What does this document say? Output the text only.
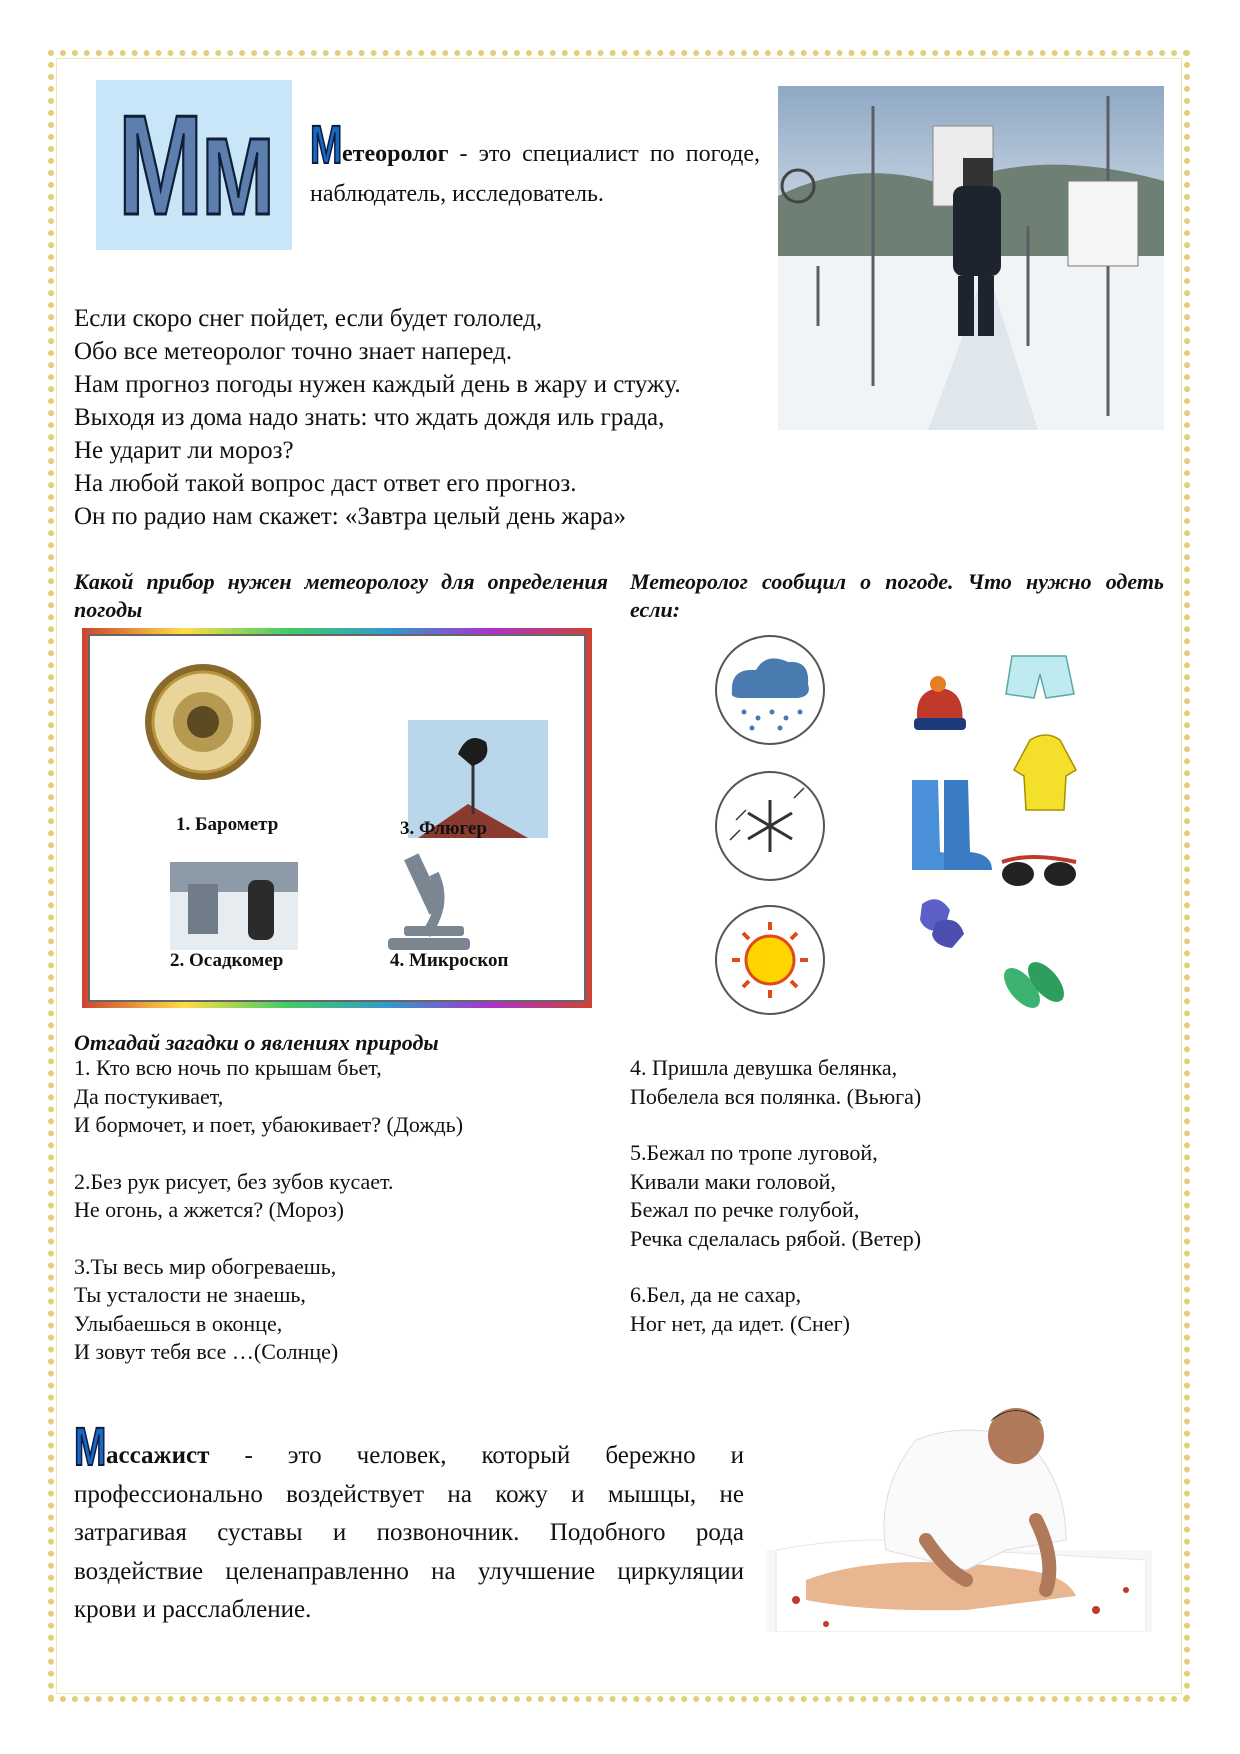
Мм Метеоролог - это специалист по погоде, наблюдатель, исследователь.
Если скоро снег пойдет, если будет гололед,
Обо все метеоролог точно знает наперед.
Нам прогноз погоды нужен каждый день в жару и стужу.
Выходя из дома надо знать: что ждать дождя иль града,
Не ударит ли мороз?
На любой такой вопрос даст ответ его прогноз.
Он по радио нам скажет: «Завтра целый день жара»
Какой прибор нужен метеорологу для определения погоды
Метеоролог сообщил о погоде. Что нужно одеть если:
1. Барометр	3. Флюгер
2. Осадкомер	4. Микроскоп
Отгадай загадки о явлениях природы
1. Кто всю ночь по крышам бьет,
Да постукивает,
И бормочет, и поет, убаюкивает? (Дождь)
2.Без рук рисует, без зубов кусает.
Не огонь, а жжется? (Мороз)
3.Ты весь мир обогреваешь,
Ты усталости не знаешь,
Улыбаешься в оконце,
И зовут тебя все …(Солнце)
4. Пришла девушка белянка,
Побелела вся полянка. (Вьюга)
5.Бежал по тропе луговой,
Кивали маки головой,
Бежал по речке голубой,
Речка сделалась рябой. (Ветер)
6.Бел, да не сахар,
Ног нет, да идет. (Снег)
Массажист - это человек, который бережно и профессионально воздействует на кожу и мышцы, не затрагивая суставы и позвоночник. Подобного рода воздействие целенаправленно на улучшение циркуляции крови и расслабление.
